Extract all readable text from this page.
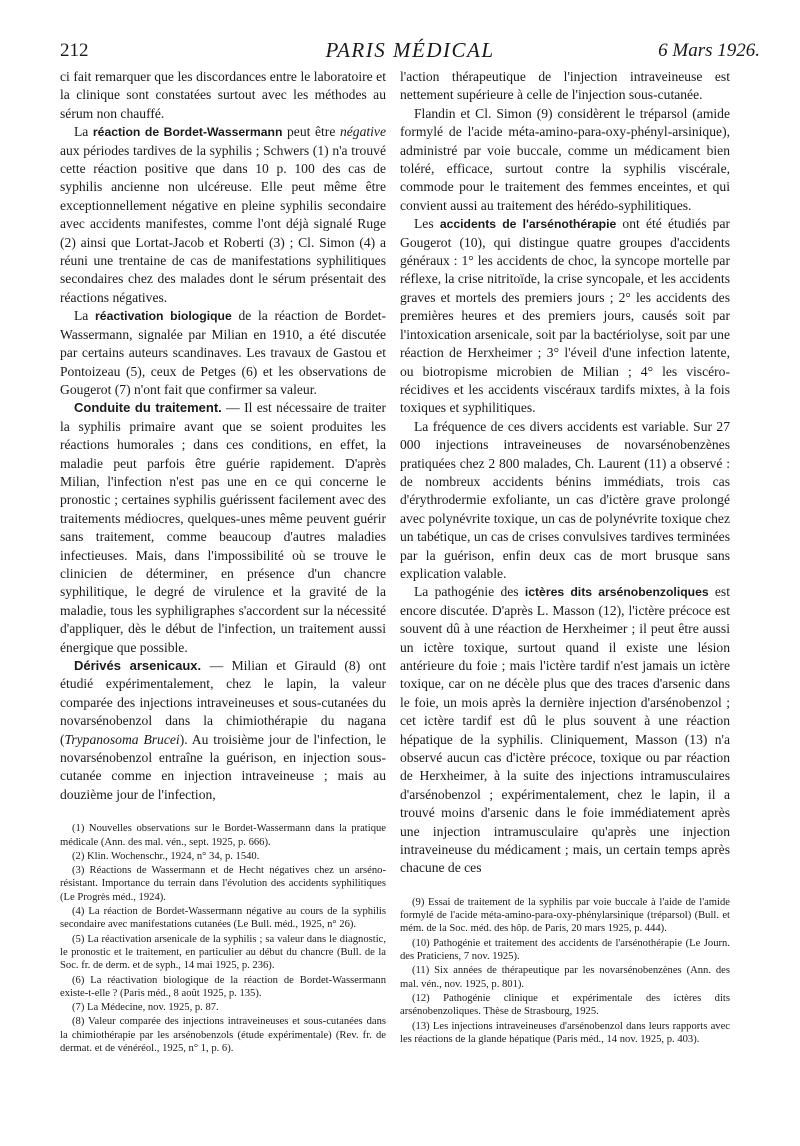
212	PARIS MÉDICAL	6 Mars 1926.

ci fait remarquer que les discordances entre le laboratoire et la clinique sont constatées surtout avec les méthodes au sérum non chauffé.

La réaction de Bordet-Wassermann peut être négative aux périodes tardives de la syphilis ; Schwers (1) n'a trouvé cette réaction positive que dans 10 p. 100 des cas de syphilis ancienne non ulcéreuse. Elle peut même être exceptionnellement négative en pleine syphilis secondaire avec accidents manifestes, comme l'ont déjà signalé Ruge (2) ainsi que Lortat-Jacob et Roberti (3) ; Cl. Simon (4) a réuni une trentaine de cas de manifestations syphilitiques secondaires chez des malades dont le sérum présentait des réactions négatives.

La réactivation biologique de la réaction de Bordet-Wassermann, signalée par Milian en 1910, a été discutée par certains auteurs scandinaves. Les travaux de Gastou et Pontoizeau (5), ceux de Petges (6) et les observations de Gougerot (7) n'ont fait que confirmer sa valeur.

Conduite du traitement. — Il est nécessaire de traiter la syphilis primaire avant que se soient produites les réactions humorales ; dans ces conditions, en effet, la maladie peut parfois être guérie rapidement. D'après Milian, l'infection n'est pas une en ce qui concerne le pronostic ; certaines syphilis guérissent facilement avec des traitements médiocres, quelques-unes même peuvent guérir sans traitement, comme beaucoup d'autres maladies infectieuses. Mais, dans l'impossibilité où se trouve le clinicien de déterminer, en présence d'un chancre syphilitique, le degré de virulence et la gravité de la maladie, tous les syphiligraphes s'accordent sur la nécessité d'appliquer, dès le début de l'infection, un traitement aussi énergique que possible.

Dérivés arsenicaux. — Milian et Girauld (8) ont étudié expérimentalement, chez le lapin, la valeur comparée des injections intraveineuses et sous-cutanées du novarsénobenzol dans la chimiothérapie du nagana (Trypanosoma Brucei). Au troisième jour de l'infection, le novarsénobenzol entraîne la guérison, en injection sous-cutanée comme en injection intraveineuse ; mais au douzième jour de l'infection,

(1) Nouvelles observations sur le Bordet-Wassermann dans la pratique médicale (Ann. des mal. vén., sept. 1925, p. 666).

(2) Klin. Wochenschr., 1924, n° 34, p. 1540.

(3) Réactions de Wassermann et de Hecht négatives chez un arséno-résistant. Importance du terrain dans l'évolution des accidents syphilitiques (Le Progrès méd., 1924).

(4) La réaction de Bordet-Wassermann négative au cours de la syphilis secondaire avec manifestations cutanées (Le Bull. méd., 1925, n° 26).

(5) La réactivation arsenicale de la syphilis ; sa valeur dans le diagnostic, le pronostic et le traitement, en particulier au début du chancre (Bull. de la Soc. fr. de derm. et de syph., 14 mai 1925, p. 236).

(6) La réactivation biologique de la réaction de Bordet-Wassermann existe-t-elle ? (Paris méd., 8 août 1925, p. 135).

(7) La Médecine, nov. 1925, p. 87.

(8) Valeur comparée des injections intraveineuses et sous-cutanées dans la chimiothérapie par les arsénobenzols (étude expérimentale) (Rev. fr. de dermat. et de vénéréol., 1925, n° 1, p. 6).

l'action thérapeutique de l'injection intraveineuse est nettement supérieure à celle de l'injection sous-cutanée.

Flandin et Cl. Simon (9) considèrent le tréparsol (amide formylé de l'acide méta-amino-para-oxy-phényl-arsinique), administré par voie buccale, comme un médicament bien toléré, efficace, surtout contre la syphilis viscérale, commode pour le traitement des femmes enceintes, et qui convient aussi au traitement des hérédo-syphilitiques.

Les accidents de l'arsénothérapie ont été étudiés par Gougerot (10), qui distingue quatre groupes d'accidents généraux : 1° les accidents de choc, la syncope mortelle par réflexe, la crise nitritoïde, la crise syncopale, et les accidents graves et mortels des premiers jours ; 2° les accidents des premières heures et des premiers jours, causés soit par l'intoxication arsenicale, soit par la bactériolyse, soit par une réaction de Herxheimer ; 3° l'éveil d'une infection latente, ou biotropisme microbien de Milian ; 4° les viscéro-récidives et les accidents viscéraux tardifs mixtes, à la fois toxiques et syphilitiques.

La fréquence de ces divers accidents est variable. Sur 27 000 injections intraveineuses de novarsénobenzènes pratiquées chez 2 800 malades, Ch. Laurent (11) a observé : de nombreux accidents bénins immédiats, trois cas d'érythrodermie exfoliante, un cas d'ictère grave prolongé avec polynévrite toxique, un cas de polynévrite toxique chez un tabétique, un cas de crises convulsives tardives terminées par la guérison, enfin deux cas de mort brusque sans explication valable.

La pathogénie des ictères dits arsénobenzoliques est encore discutée. D'après L. Masson (12), l'ictère précoce est souvent dû à une réaction de Herxheimer ; il peut être aussi un ictère toxique, surtout quand il existe une lésion antérieure du foie ; mais l'ictère tardif n'est jamais un ictère toxique, car on ne décèle plus que des traces d'arsenic dans le foie, un mois après la dernière injection d'arsénobenzol ; cet ictère tardif est dû le plus souvent à une réaction hépatique de la syphilis. Cliniquement, Masson (13) n'a observé aucun cas d'ictère précoce, toxique ou par réaction de Herxheimer, à la suite des injections intramusculaires d'arsénobenzol ; expérimentalement, chez le lapin, il a trouvé moins d'arsenic dans le foie immédiatement après une injection intramusculaire qu'après une injection intraveineuse du médicament ; mais, un certain temps après chacune de ces

(9) Essai de traitement de la syphilis par voie buccale à l'aide de l'amide formylé de l'acide méta-amino-para-oxy-phénylarsinique (tréparsol) (Bull. et mém. de la Soc. méd. des hôp. de Paris, 20 mars 1925, p. 444).

(10) Pathogénie et traitement des accidents de l'arsénothérapie (Le Journ. des Praticiens, 7 nov. 1925).

(11) Six années de thérapeutique par les novarsénobenzènes (Ann. des mal. vén., nov. 1925, p. 801).

(12) Pathogénie clinique et expérimentale des ictères dits arsénobenzoliques. Thèse de Strasbourg, 1925.

(13) Les injections intraveineuses d'arsénobenzol dans leurs rapports avec les réactions de la glande hépatique (Paris méd., 14 nov. 1925, p. 403).
